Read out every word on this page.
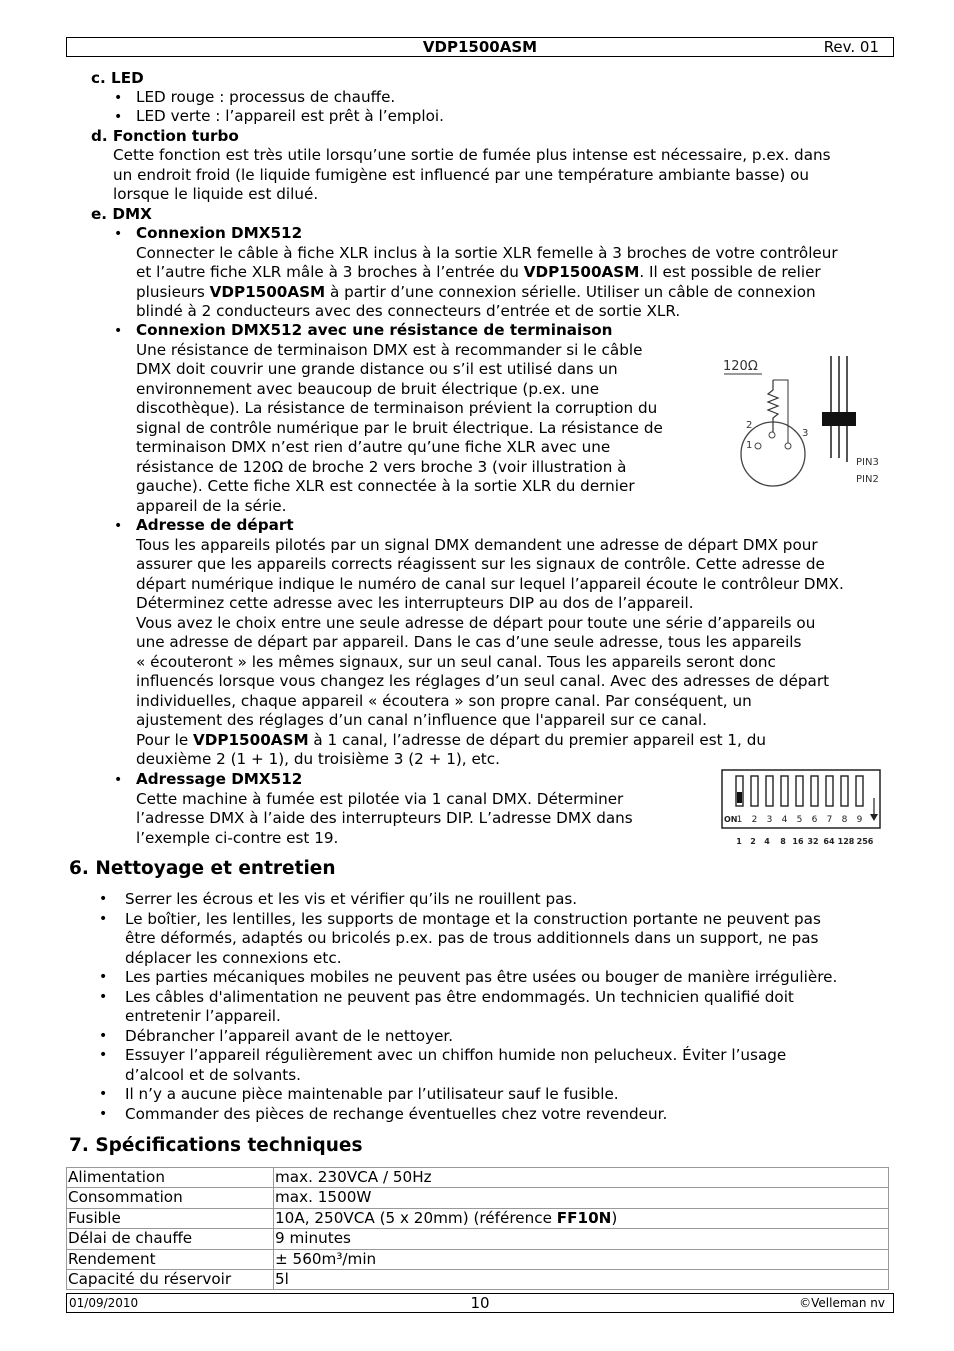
VDP1500ASM	Rev. 01
c. LED
• LED rouge : processus de chauffe.
• LED verte : l’appareil est prêt à l’emploi.
d. Fonction turbo

Cette fonction est très utile lorsqu’une sortie de fumée plus intense est nécessaire, p.ex. dans

un endroit froid (le liquide fumigène est influencé par une température ambiante basse) ou

lorsque le liquide est dilué.

e. DMX
• Connexion DMX512

Connecter le câble à fiche XLR inclus à la sortie XLR femelle à 3 broches de votre contrôleur

et l’autre fiche XLR mâle à 3 broches à l’entrée du VDP1500ASM. Il est possible de relier

plusieurs VDP1500ASM à partir d’une connexion sérielle. Utiliser un câble de connexion

blindé à 2 conducteurs avec des connecteurs d’entrée et de sortie XLR.

• Connexion DMX512 avec une résistance de terminaison

Une résistance de terminaison DMX est à recommander si le câble

DMX doit couvrir une grande distance ou s’il est utilisé dans un

environnement avec beaucoup de bruit électrique (p.ex. une

discothèque). La résistance de terminaison prévient la corruption du

signal de contrôle numérique par le bruit électrique. La résistance de

terminaison DMX n’est rien d’autre qu’une fiche XLR avec une

résistance de 120Ω de broche 2 vers broche 3 (voir illustration à

gauche). Cette fiche XLR est connectée à la sortie XLR du dernier

appareil de la série.

120Ω
2
1
3
PIN3
PIN2
• Adresse de départ

Tous les appareils pilotés par un signal DMX demandent une adresse de départ DMX pour

assurer que les appareils corrects réagissent sur les signaux de contrôle. Cette adresse de

départ numérique indique le numéro de canal sur lequel l’appareil écoute le contrôleur DMX.

Déterminez cette adresse avec les interrupteurs DIP au dos de l’appareil.

Vous avez le choix entre une seule adresse de départ pour toute une série d’appareils ou

une adresse de départ par appareil. Dans le cas d’une seule adresse, tous les appareils

« écouteront » les mêmes signaux, sur un seul canal. Tous les appareils seront donc

influencés lorsque vous changez les réglages d’un seul canal. Avec des adresses de départ

individuelles, chaque appareil « écoutera » son propre canal. Par conséquent, un

ajustement des réglages d’un canal n’influence que l'appareil sur ce canal.

Pour le VDP1500ASM à 1 canal, l’adresse de départ du premier appareil est 1, du

deuxième 2 (1 + 1), du troisième 3 (2 + 1), etc.

• Adressage DMX512

Cette machine à fumée est pilotée via 1 canal DMX. Déterminer

l’adresse DMX à l’aide des interrupteurs DIP. L’adresse DMX dans

l’exemple ci-contre est 19.

ON 1 2 3 4 5 6 7 8 9
1 2 4 8 16 32 64 128 256
6. Nettoyage et entretien
• Serrer les écrous et les vis et vérifier qu’ils ne rouillent pas.

• Le boîtier, les lentilles, les supports de montage et la construction portante ne peuvent pas

être déformés, adaptés ou bricolés p.ex. pas de trous additionnels dans un support, ne pas

déplacer les connexions etc.

• Les parties mécaniques mobiles ne peuvent pas être usées ou bouger de manière irrégulière.

• Les câbles d'alimentation ne peuvent pas être endommagés. Un technicien qualifié doit

entretenir l’appareil.

• Débrancher l’appareil avant de le nettoyer.

• Essuyer l’appareil régulièrement avec un chiffon humide non pelucheux. Éviter l’usage

d’alcool et de solvants.

• Il n’y a aucune pièce maintenable par l’utilisateur sauf le fusible.

• Commander des pièces de rechange éventuelles chez votre revendeur.

7. Spécifications techniques
Alimentation	max. 230VCA / 50Hz
Consommation	max. 1500W
Fusible	10A, 250VCA (5 x 20mm) (référence FF10N)
Délai de chauffe	9 minutes
Rendement	± 560m³/min
Capacité du réservoir	5l
01/09/2010	10	©Velleman nv
